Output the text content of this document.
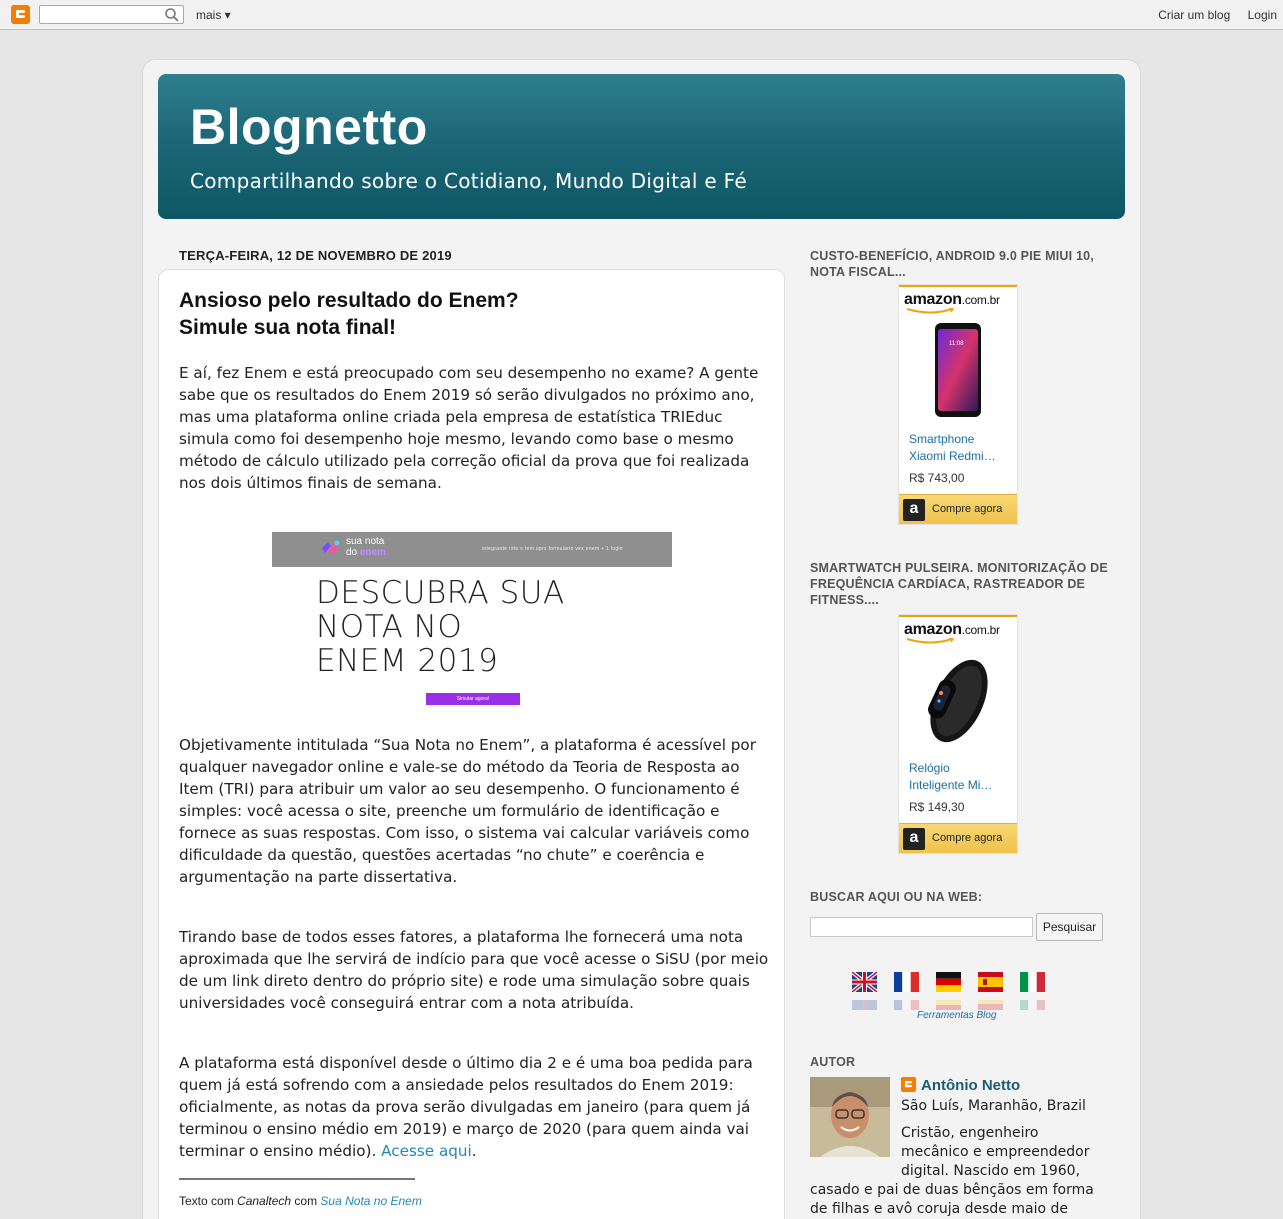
mais ▾	Criar um blog Login
Blognetto
Compartilhando sobre o Cotidiano, Mundo Digital e Fé
TERÇA-FEIRA, 12 DE NOVEMBRO DE 2019
Ansioso pelo resultado do Enem?
Simule sua nota final!
E aí, fez Enem e está preocupado com seu desempenho no exame? A gente sabe que os resultados do Enem 2019 só serão divulgados no próximo ano, mas uma plataforma online criada pela empresa de estatística TRIEduc simula como foi desempenho hoje mesmo, levando como base o mesmo método de cálculo utilizado pela correção oficial da prova que foi realizada nos dois últimos finais de semana.
sua nota
do enem	integrante rsto o tem uprx formulario vex enem + 1 login
DESCUBRA SUA
NOTA NO
ENEM 2019
Simular agora!
Objetivamente intitulada “Sua Nota no Enem”, a plataforma é acessível por qualquer navegador online e vale-se do método da Teoria de Resposta ao Item (TRI) para atribuir um valor ao seu desempenho. O funcionamento é simples: você acessa o site, preenche um formulário de identificação e fornece as suas respostas. Com isso, o sistema vai calcular variáveis como dificuldade da questão, questões acertadas “no chute” e coerência e argumentação na parte dissertativa.
Tirando base de todos esses fatores, a plataforma lhe fornecerá uma nota aproximada que lhe servirá de indício para que você acesse o SiSU (por meio de um link direto dentro do próprio site) e rode uma simulação sobre quais universidades você conseguirá entrar com a nota atribuída.
A plataforma está disponível desde o último dia 2 e é uma boa pedida para quem já está sofrendo com a ansiedade pelos resultados do Enem 2019: oficialmente, as notas da prova serão divulgadas em janeiro (para quem já terminou o ensino médio em 2019) e março de 2020 (para quem ainda vai terminar o ensino médio). Acesse aqui.
Texto com Canaltech com Sua Nota no Enem
CUSTO-BENEFÍCIO, ANDROID 9.0 PIE MIUI 10, NOTA FISCAL...
amazon.com.br
11:08
Smartphone
Xiaomi Redmi…
R$ 743,00
a	Compre agora
SMARTWATCH PULSEIRA. MONITORIZAÇÃO DE FREQUÊNCIA CARDÍACA, RASTREADOR DE FITNESS....
amazon.com.br
Relógio
Inteligente Mi…
R$ 149,30
a	Compre agora
BUSCAR AQUI OU NA WEB:
Pesquisar

Ferramentas Blog
AUTOR
Antônio Netto
São Luís, Maranhão, Brazil
Cristão, engenheiro mecânico e empreendedor digital. Nascido em 1960,
casado e pai de duas bênçãos em forma de filhas e avô coruja desde maio de
